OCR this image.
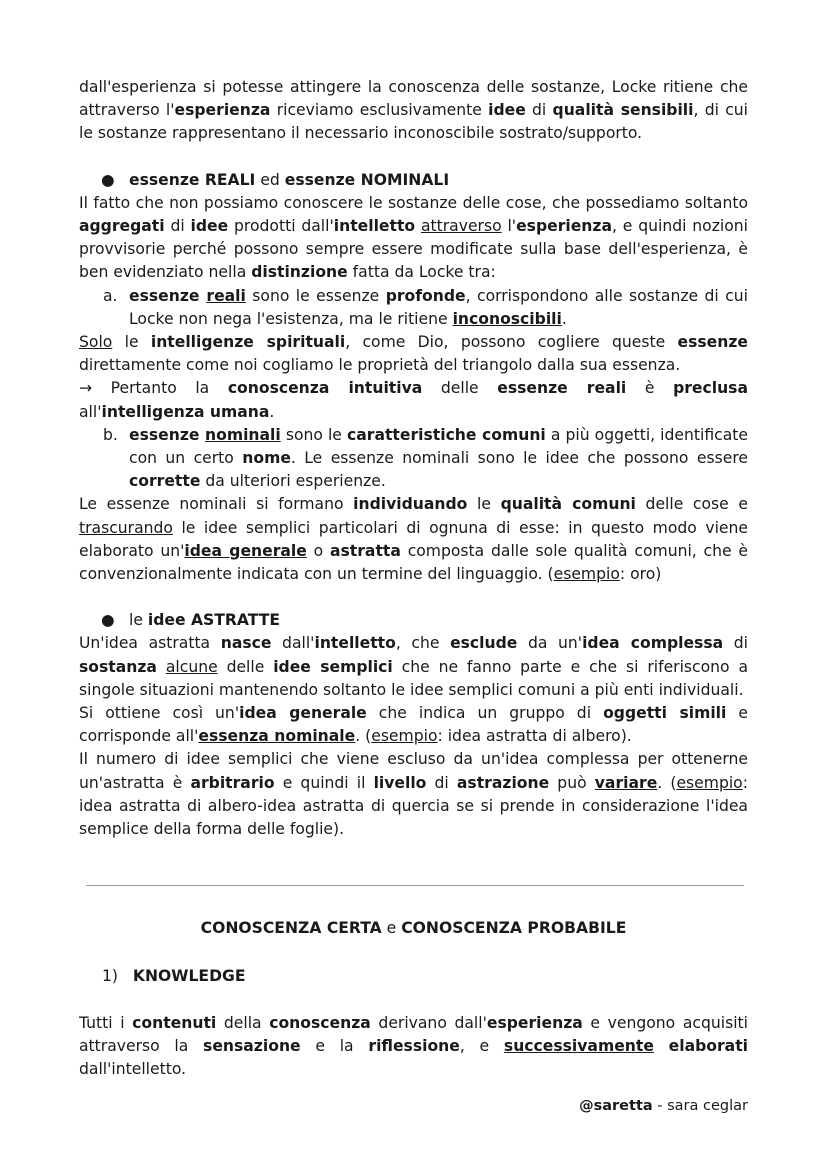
dall'esperienza si potesse attingere la conoscenza delle sostanze, Locke ritiene che attraverso l'esperienza riceviamo esclusivamente idee di qualità sensibili, di cui le sostanze rappresentano il necessario inconoscibile sostrato/supporto.

● essenze REALI ed essenze NOMINALI

Il fatto che non possiamo conoscere le sostanze delle cose, che possediamo soltanto aggregati di idee prodotti dall'intelletto attraverso l'esperienza, e quindi nozioni provvisorie perché possono sempre essere modificate sulla base dell'esperienza, è ben evidenziato nella distinzione fatta da Locke tra:

a. essenze reali sono le essenze profonde, corrispondono alle sostanze di cui Locke non nega l'esistenza, ma le ritiene inconoscibili.

Solo le intelligenze spirituali, come Dio, possono cogliere queste essenze direttamente come noi cogliamo le proprietà del triangolo dalla sua essenza.

→ Pertanto la conoscenza intuitiva delle essenze reali è preclusa all'intelligenza umana.

b. essenze nominali sono le caratteristiche comuni a più oggetti, identificate con un certo nome. Le essenze nominali sono le idee che possono essere corrette da ulteriori esperienze.

Le essenze nominali si formano individuando le qualità comuni delle cose e trascurando le idee semplici particolari di ognuna di esse: in questo modo viene elaborato un'idea generale o astratta composta dalle sole qualità comuni, che è convenzionalmente indicata con un termine del linguaggio. (esempio: oro)

● le idee ASTRATTE

Un'idea astratta nasce dall'intelletto, che esclude da un'idea complessa di sostanza alcune delle idee semplici che ne fanno parte e che si riferiscono a singole situazioni mantenendo soltanto le idee semplici comuni a più enti individuali.

Si ottiene così un'idea generale che indica un gruppo di oggetti simili e corrisponde all'essenza nominale. (esempio: idea astratta di albero).

Il numero di idee semplici che viene escluso da un'idea complessa per ottenerne un'astratta è arbitrario e quindi il livello di astrazione può variare. (esempio: idea astratta di albero-idea astratta di quercia se si prende in considerazione l'idea semplice della forma delle foglie).

CONOSCENZA CERTA e CONOSCENZA PROBABILE
1) KNOWLEDGE

Tutti i contenuti della conoscenza derivano dall'esperienza e vengono acquisiti attraverso la sensazione e la riflessione, e successivamente elaborati dall'intelletto.

@saretta - sara ceglar
